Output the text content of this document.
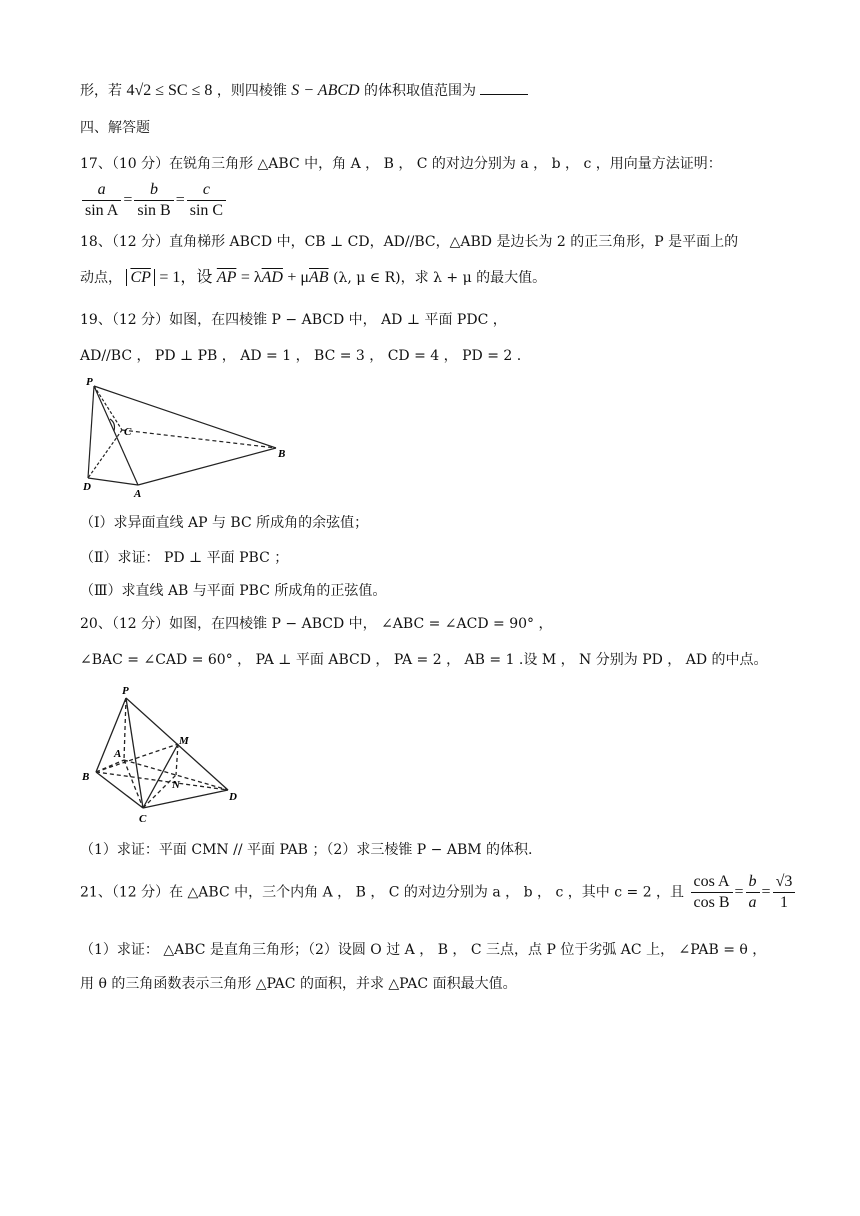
形，若 4√2 ≤ SC ≤ 8 ，则四棱锥 S − ABCD 的体积取值范围为
四、解答题
17、（10 分）在锐角三角形 △ABC 中，角 A ， B ， C 的对边分别为 a ， b ， c ，用向量方法证明：
$\frac{a}{\text{sin A}} = \frac{b}{\text{sin B}} = \frac{c}{\text{sin C}}$
18、（12 分）直角梯形 ABCD 中，CB ⊥ CD，AD//BC，△ABD 是边长为 2 的正三角形，P 是平面上的
动点， $\overline{CP} = 1$，设 $\overline{AP} = \lambda\overline{AD} + \mu\overline{AB}$ (λ, μ ∈ R)，求 λ + μ 的最大值。
19、（12 分）如图，在四棱锥 P − ABCD 中， AD ⊥ 平面 PDC ，
AD//BC ， PD ⊥ PB ， AD = 1 ， BC = 3 ， CD = 4 ， PD = 2 .
P
C
B
D
A
（Ⅰ）求异面直线 AP 与 BC 所成角的余弦值；
（Ⅱ）求证： PD ⊥ 平面 PBC ；
（Ⅲ）求直线 AB 与平面 PBC 所成角的正弦值。
20、（12 分）如图，在四棱锥 P − ABCD 中， ∠ABC = ∠ACD = 90° ，
∠BAC = ∠CAD = 60° ， PA ⊥ 平面 ABCD ， PA = 2 ， AB = 1 .设 M ， N 分别为 PD ， AD 的中点。
P
A
M
B
N
D
C
（1）求证：平面 CMN // 平面 PAB ；（2）求三棱锥 P − ABM 的体积.
21、（12 分）在 △ABC 中，三个内角 A ， B ， C 的对边分别为 a ， b ， c ，其中 c = 2 ，且 $\frac{\text{cos A}}{\text{cos B}} = \frac{b}{a} = \frac{√3}{1}$
（1）求证： △ABC 是直角三角形；（2）设圆 O 过 A ， B ， C 三点，点 P 位于劣弧 AC 上， ∠PAB = θ ，
用 θ 的三角函数表示三角形 △PAC 的面积，并求 △PAC 面积最大值。
